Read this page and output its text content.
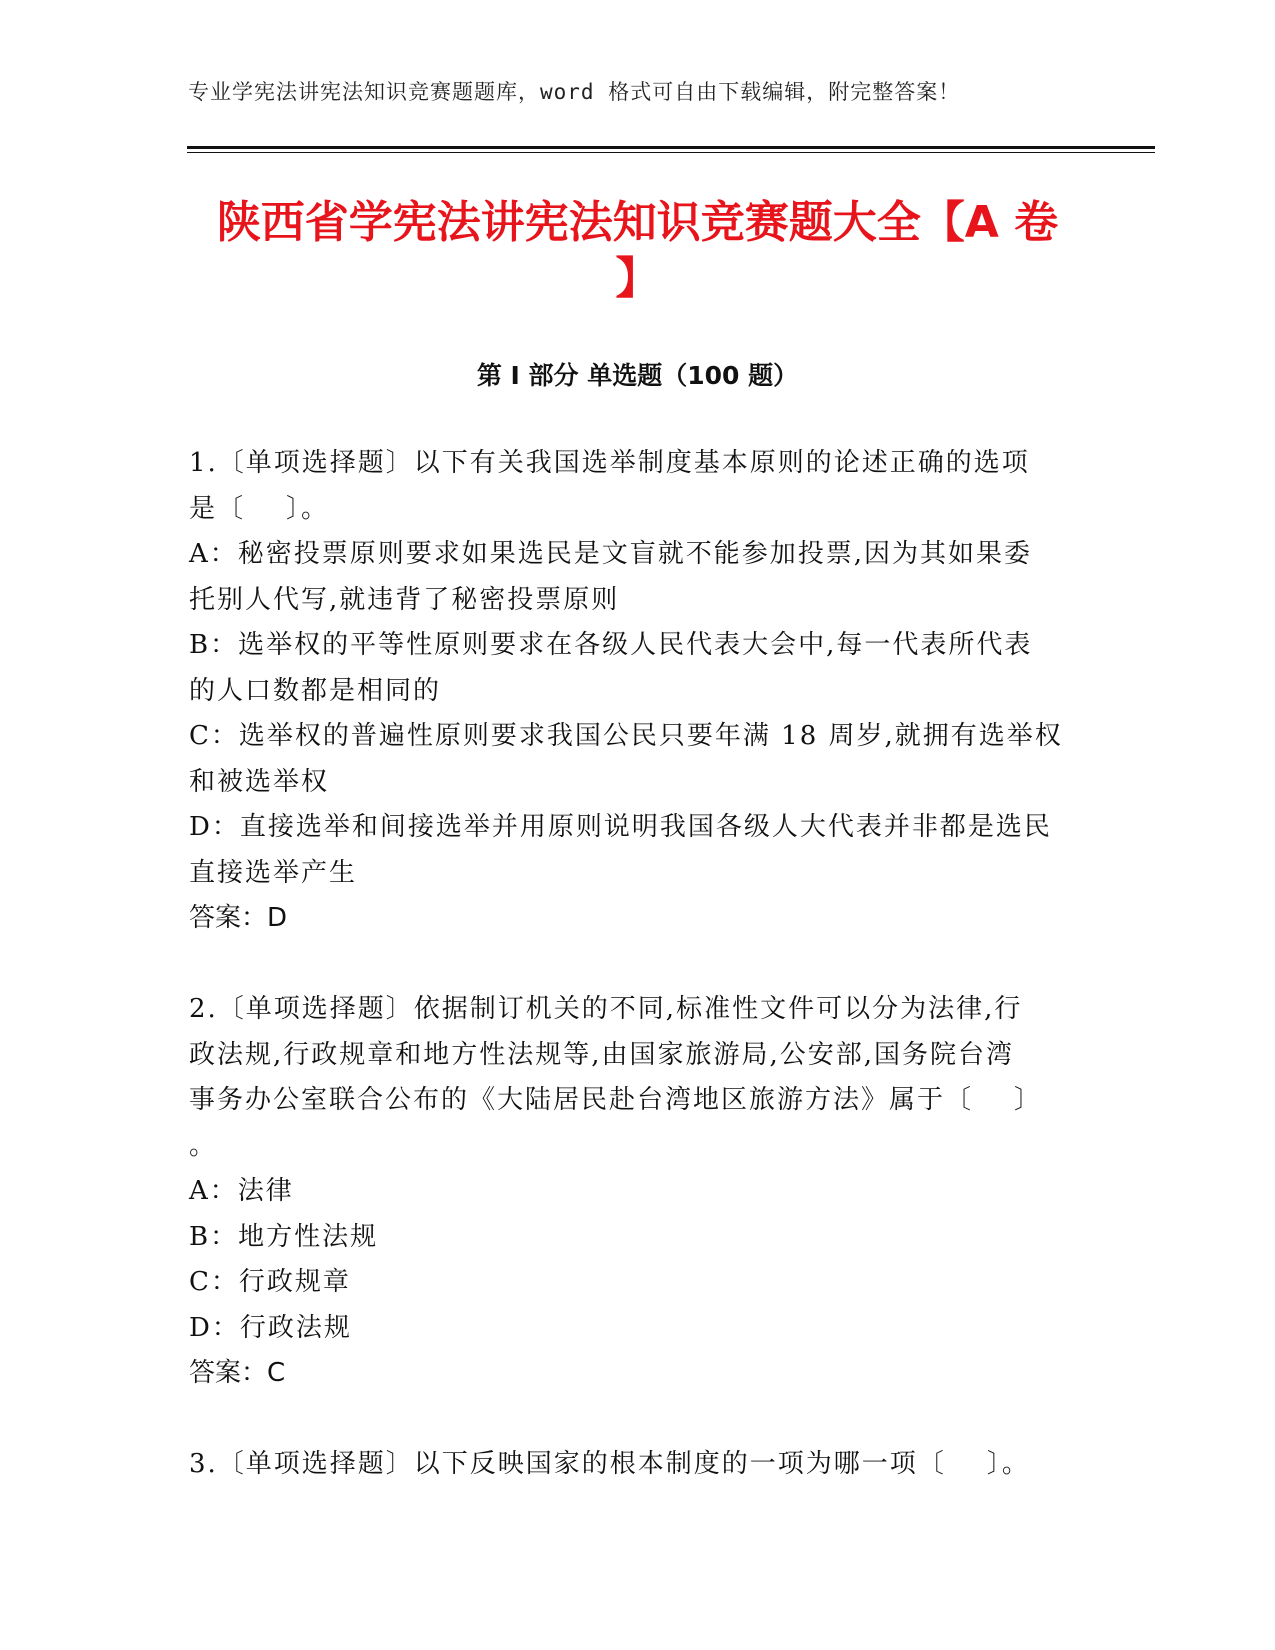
专业学宪法讲宪法知识竞赛题题库，word 格式可自由下载编辑，附完整答案！
陕西省学宪法讲宪法知识竞赛题大全【A 卷
】
第 I 部分 单选题（100 题）
1.〔单项选择题〕以下有关我国选举制度基本原则的论述正确的选项
是〔    〕。
A：秘密投票原则要求如果选民是文盲就不能参加投票,因为其如果委
托别人代写,就违背了秘密投票原则
B：选举权的平等性原则要求在各级人民代表大会中,每一代表所代表
的人口数都是相同的
C：选举权的普遍性原则要求我国公民只要年满 18 周岁,就拥有选举权
和被选举权
D：直接选举和间接选举并用原则说明我国各级人大代表并非都是选民
直接选举产生
答案：D
2.〔单项选择题〕依据制订机关的不同,标准性文件可以分为法律,行
政法规,行政规章和地方性法规等,由国家旅游局,公安部,国务院台湾
事务办公室联合公布的《大陆居民赴台湾地区旅游方法》属于〔    〕
。
A：法律
B：地方性法规
C：行政规章
D：行政法规
答案：C
3.〔单项选择题〕以下反映国家的根本制度的一项为哪一项〔    〕。
